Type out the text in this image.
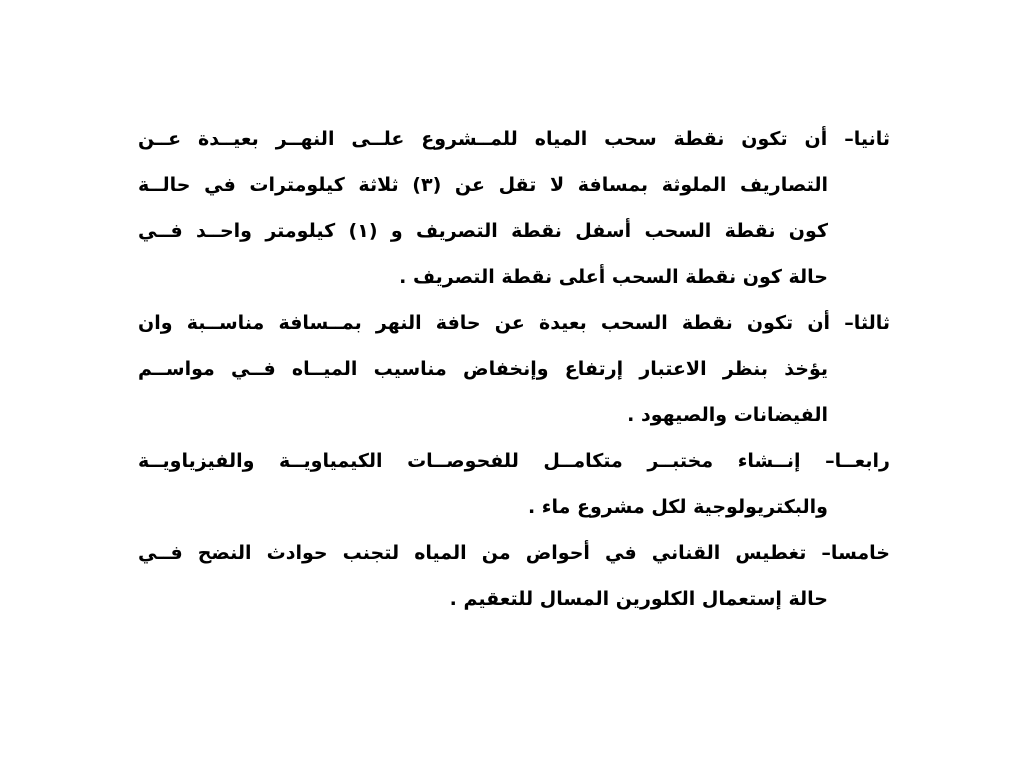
ثانيا– أن تكون نقطة سحب المياه للمــشروع علــى النهــر بعيــدة عــن
التصاريف الملوثة بمسافة لا تقل عن (٣) ثلاثة كيلومترات في حالــة
كون نقطة السحب أسفل نقطة التصريف و (١) كيلومتر واحــد فــي
حالة كون نقطة السحب أعلى نقطة التصريف .
ثالثا– أن تكون نقطة السحب بعيدة عن حافة النهر بمــسافة مناســبة وان
يؤخذ بنظر الاعتبار إرتفاع وإنخفاض مناسيب الميــاه فــي مواســم
الفيضانات والصيهود .
رابعــا– إنــشاء مختبــر متكامــل للفحوصــات الكيمياويــة والفيزياويــة
والبكتريولوجية لكل مشروع ماء .
خامسا– تغطيس القناني في أحواض من المياه لتجنب حوادث النضح فــي
حالة إستعمال الكلورين المسال للتعقيم .
